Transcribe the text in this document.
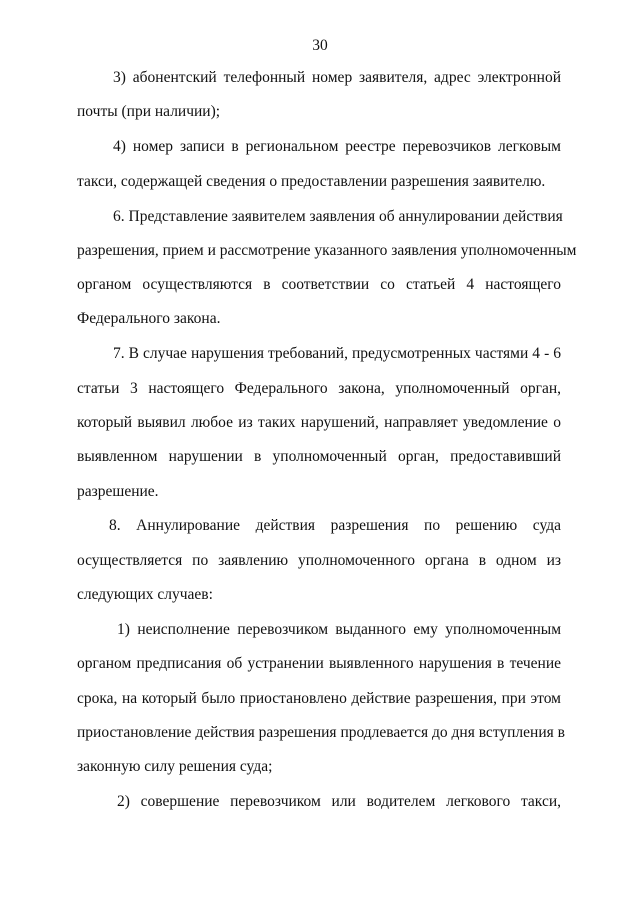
30
3) абонентский телефонный номер заявителя, адрес электронной
почты (при наличии);
4) номер записи в региональном реестре перевозчиков легковым
такси, содержащей сведения о предоставлении разрешения заявителю.
6. Представление заявителем заявления об аннулировании действия
разрешения, прием и рассмотрение указанного заявления уполномоченным
органом осуществляются в соответствии со статьей 4 настоящего
Федерального закона.
7. В случае нарушения требований, предусмотренных частями 4 - 6
статьи 3 настоящего Федерального закона, уполномоченный орган,
который выявил любое из таких нарушений, направляет уведомление о
выявленном нарушении в уполномоченный орган, предоставивший
разрешение.
8. Аннулирование действия разрешения по решению суда
осуществляется по заявлению уполномоченного органа в одном из
следующих случаев:
1) неисполнение перевозчиком выданного ему уполномоченным
органом предписания об устранении выявленного нарушения в течение
срока, на который было приостановлено действие разрешения, при этом
приостановление действия разрешения продлевается до дня вступления в
законную силу решения суда;
2) совершение перевозчиком или водителем легкового такси,
